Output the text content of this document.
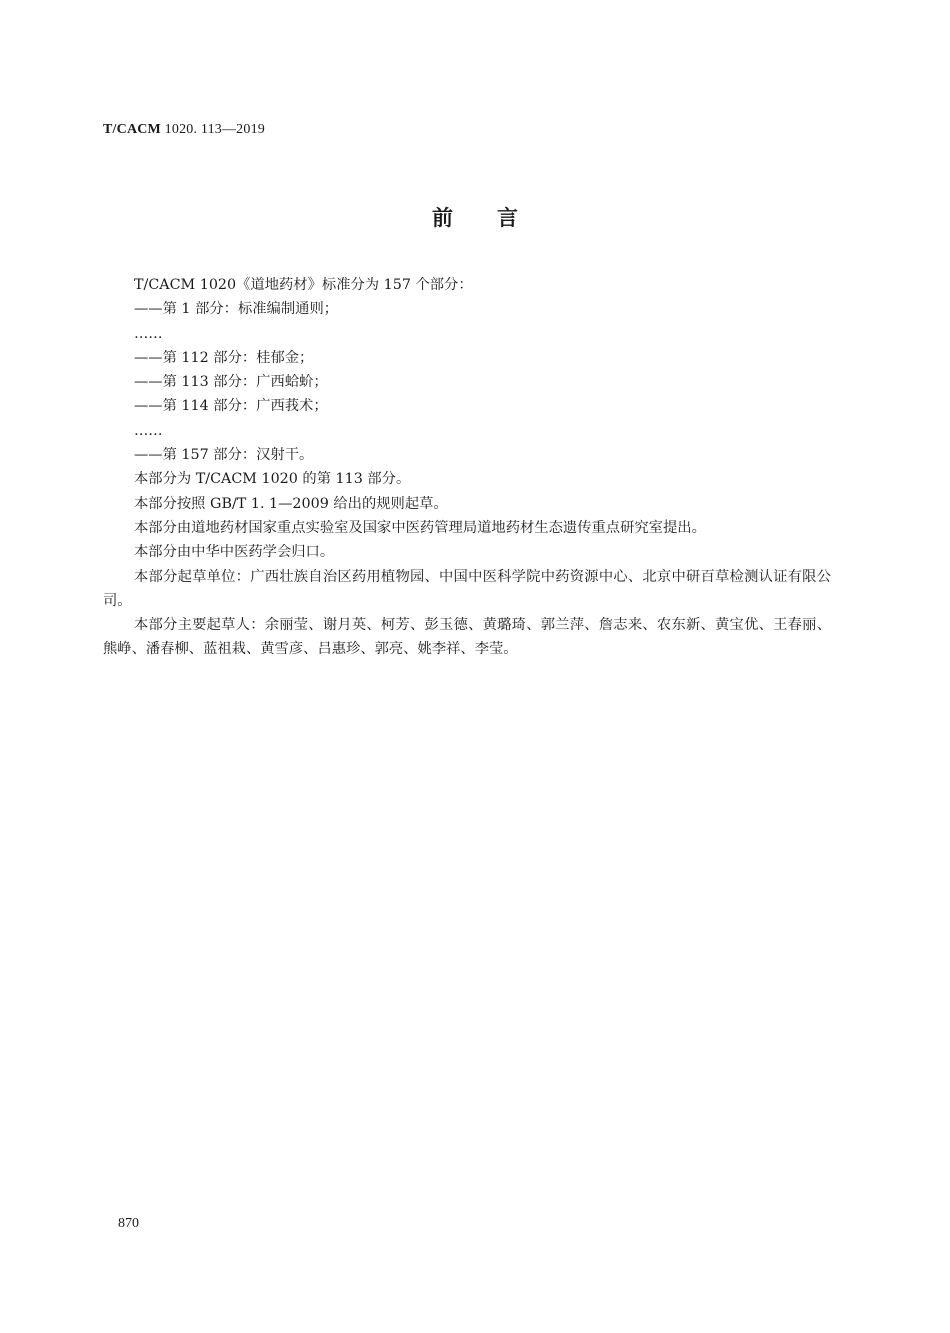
T/CACM 1020. 113—2019
前言

T/CACM 1020《道地药材》标准分为 157 个部分：

——第 1 部分：标准编制通则；

……

——第 112 部分：桂郁金；

——第 113 部分：广西蛤蚧；

——第 114 部分：广西莪术；

……

——第 157 部分：汉射干。

本部分为 T/CACM 1020 的第 113 部分。

本部分按照 GB/T 1. 1—2009 给出的规则起草。

本部分由道地药材国家重点实验室及国家中医药管理局道地药材生态遗传重点研究室提出。

本部分由中华中医药学会归口。

本部分起草单位：广西壮族自治区药用植物园、中国中医科学院中药资源中心、北京中研百草检测认证有限公司。

本部分主要起草人：余丽莹、谢月英、柯芳、彭玉德、黄璐琦、郭兰萍、詹志来、农东新、黄宝优、王春丽、熊峥、潘春柳、蓝祖栽、黄雪彦、吕惠珍、郭亮、姚李祥、李莹。

870
